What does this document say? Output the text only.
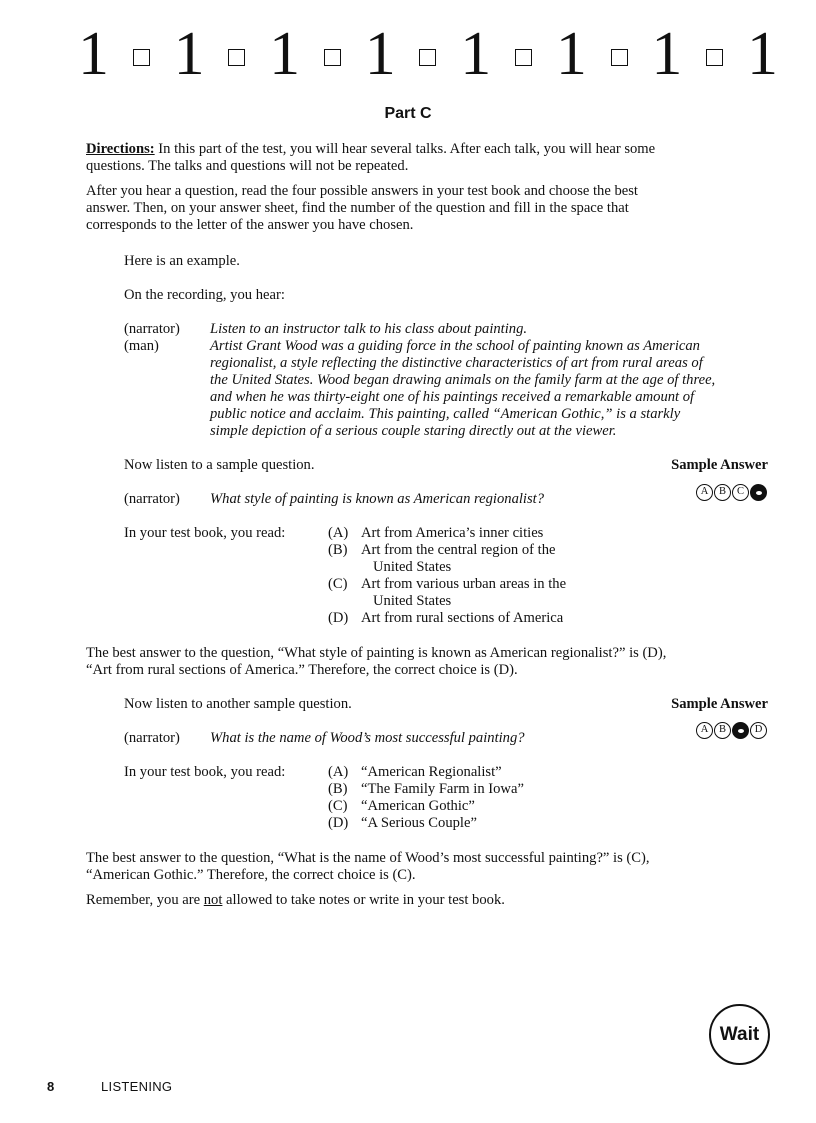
1 1 1 1 1 1 1 1
Part C
Directions: In this part of the test, you will hear several talks. After each talk, you will hear some
questions. The talks and questions will not be repeated.
After you hear a question, read the four possible answers in your test book and choose the best
answer. Then, on your answer sheet, find the number of the question and fill in the space that
corresponds to the letter of the answer you have chosen.
Here is an example.
On the recording, you hear:
(narrator) Listen to an instructor talk to his class about painting.
(man)	Artist Grant Wood was a guiding force in the school of painting known as American
regionalist, a style reflecting the distinctive characteristics of art from rural areas of
the United States. Wood began drawing animals on the family farm at the age of three,
and when he was thirty-eight one of his paintings received a remarkable amount of
public notice and acclaim. This painting, called “American Gothic,” is a starkly
simple depiction of a serious couple staring directly out at the viewer.
Now listen to a sample question.	Sample Answer
(narrator) What style of painting is known as American regionalist?	A	B	C
In your test book, you read:	(A) Art from America’s inner cities
(B) Art from the central region of the
United States
(C) Art from various urban areas in the
United States
(D) Art from rural sections of America
The best answer to the question, “What style of painting is known as American regionalist?” is (D),
“Art from rural sections of America.” Therefore, the correct choice is (D).
Now listen to another sample question.	Sample Answer
(narrator) What is the name of Wood’s most successful painting?
A	B	D
In your test book, you read:	(A) “American Regionalist”
(B) “The Family Farm in Iowa”
(C) “American Gothic”
(D) “A Serious Couple”
The best answer to the question, “What is the name of Wood’s most successful painting?” is (C),
“American Gothic.” Therefore, the correct choice is (C).
Remember, you are not allowed to take notes or write in your test book.
Wait
8	LISTENING
